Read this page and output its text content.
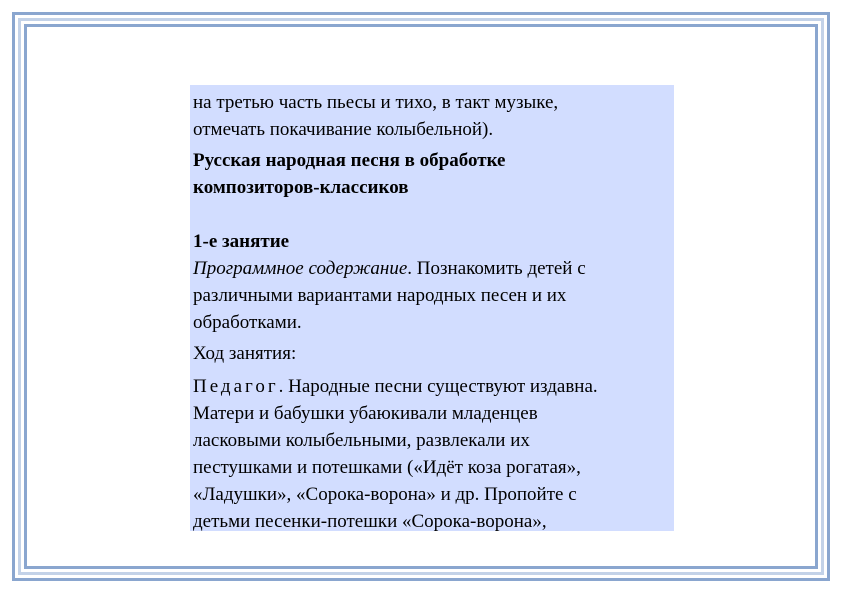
на третью часть пьесы и тихо, в такт музыке,

отмечать покачивание колыбельной).

Русская народная песня в обработке

композиторов-классиков

1-е занятие

Программное содержание. Познакомить детей с

различными вариантами народных песен и их

обработками.

Ход занятия:

Педагог. Народные песни существуют издавна.

Матери и бабушки убаюкивали младенцев

ласковыми колыбельными, развлекали их

пестушками и потешками («Идёт коза рогатая»,

«Ладушки», «Сорока-ворона» и др. Пропойте с

детьми песенки-потешки «Сорока-ворона»,
